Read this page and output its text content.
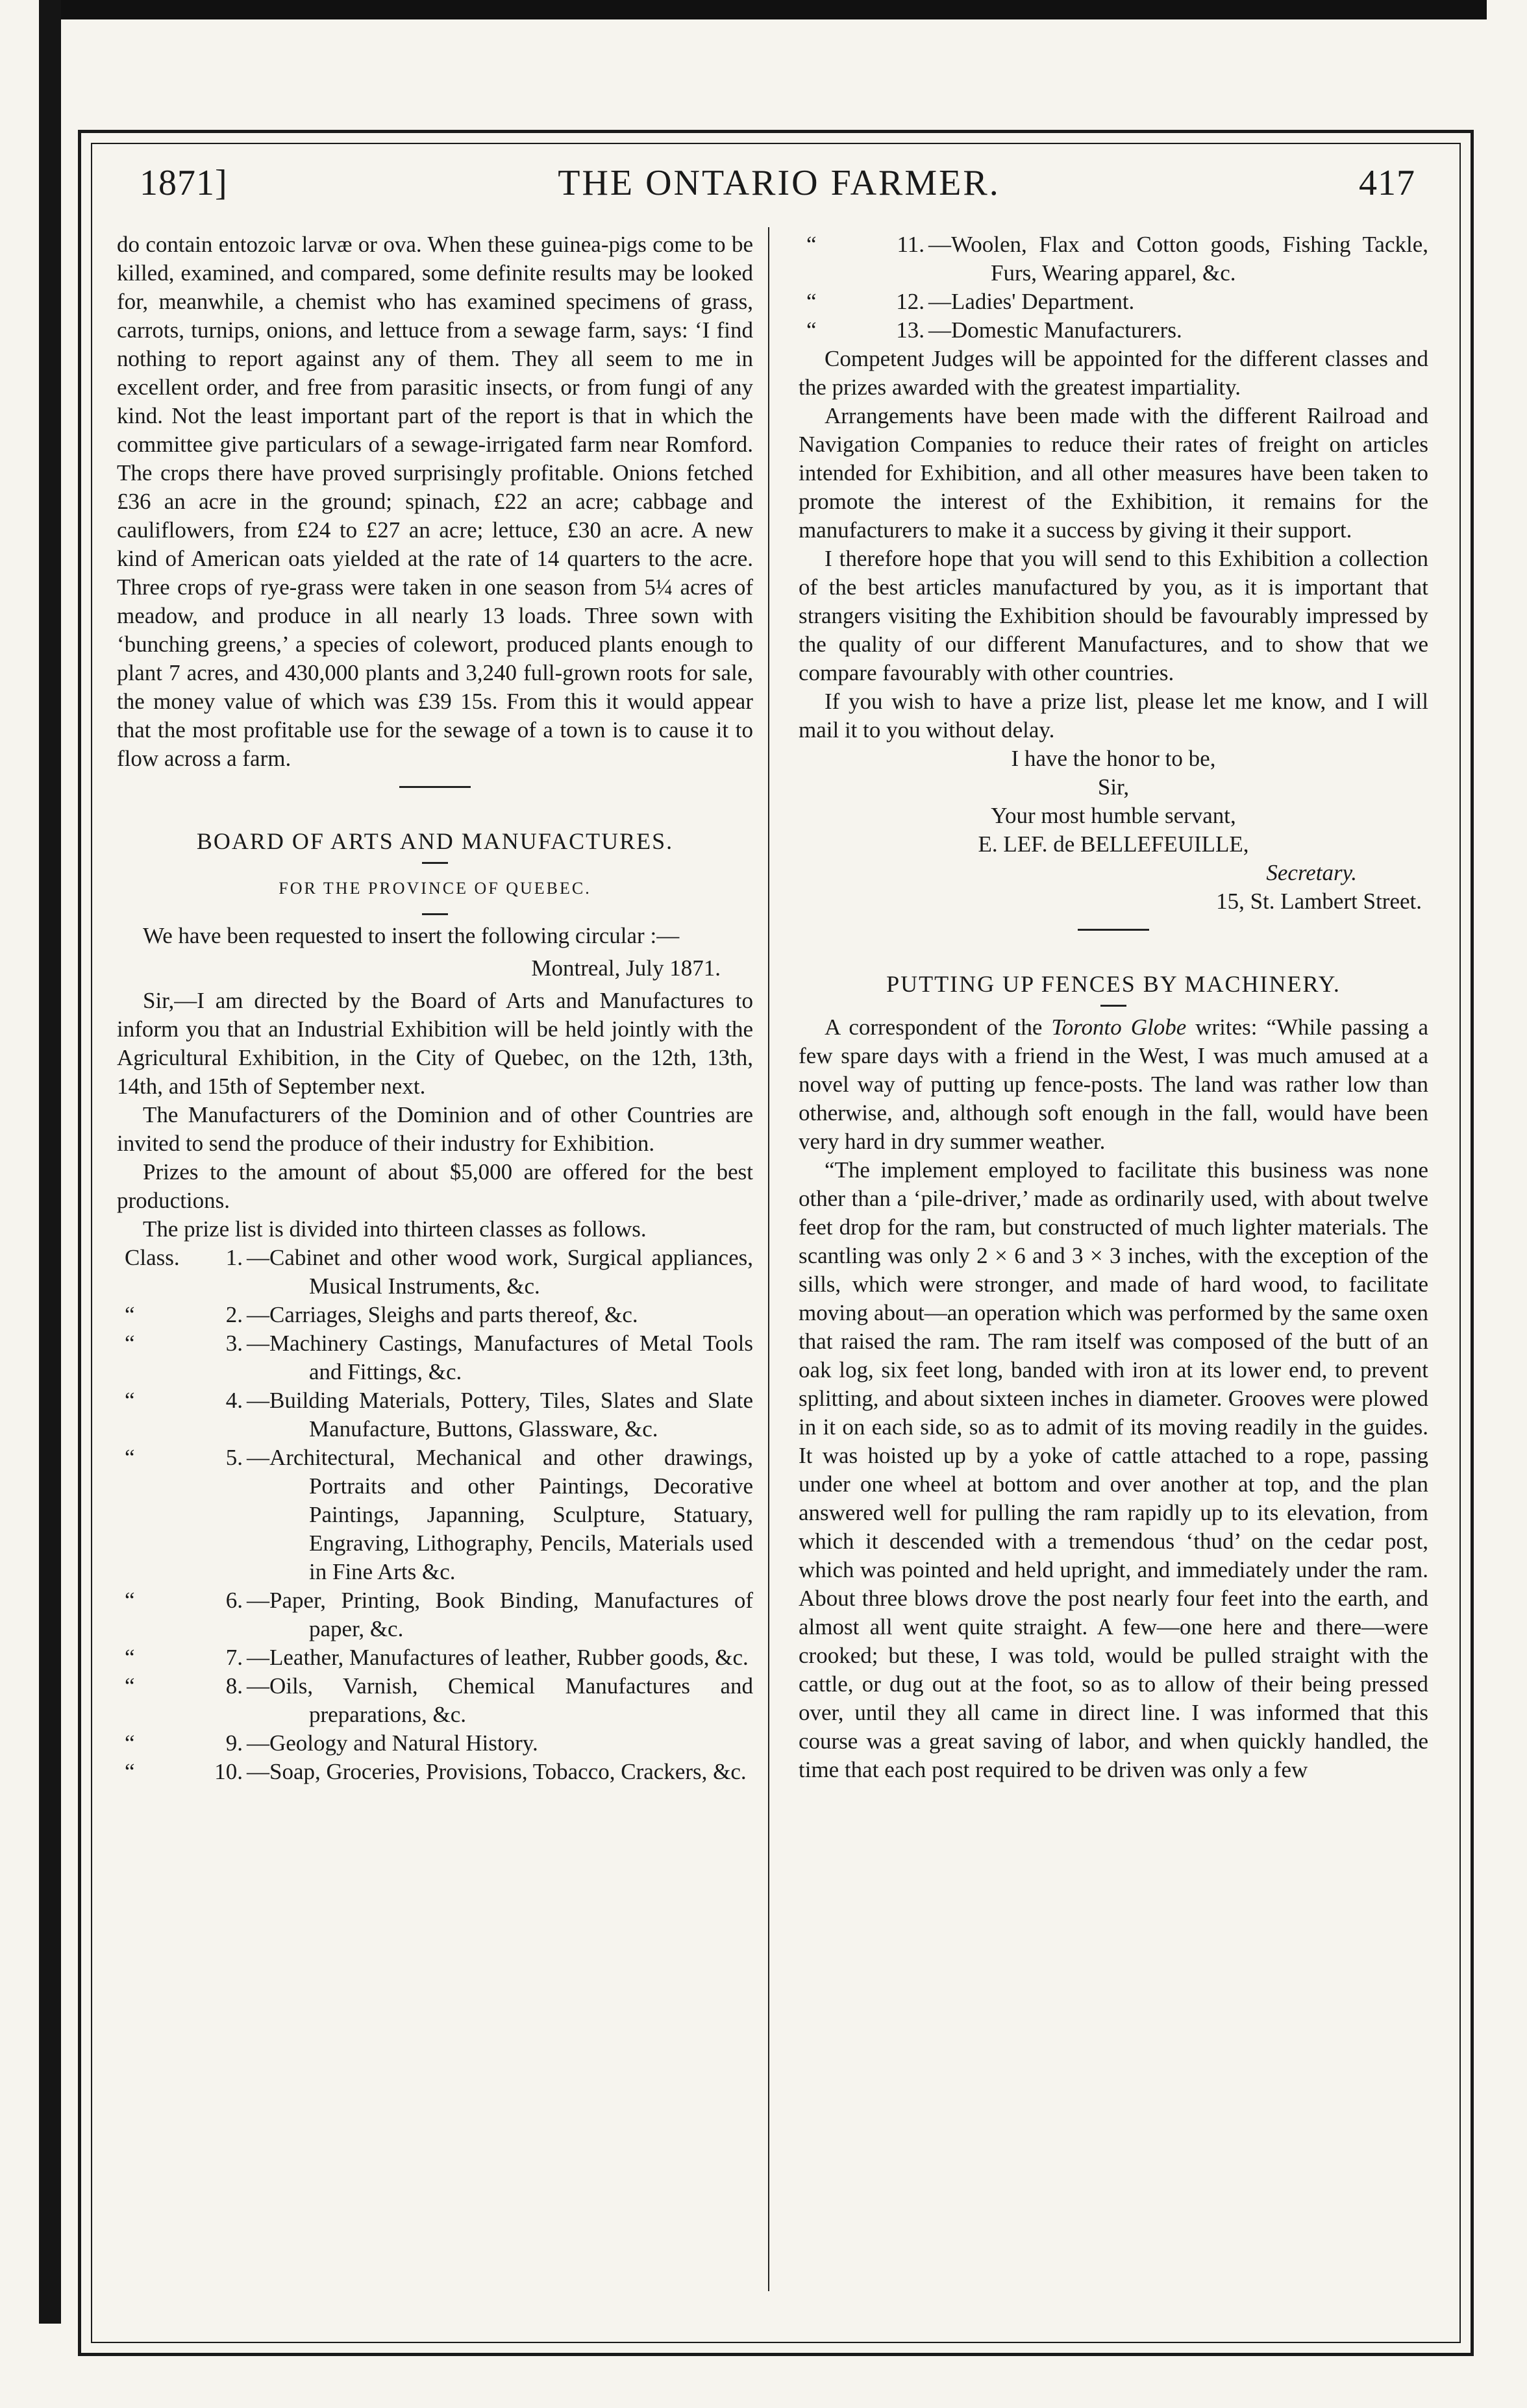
1871]	THE ONTARIO FARMER.	417

do contain entozoic larvæ or ova. When these guinea-pigs come to be killed, examined, and compared, some definite results may be looked for, meanwhile, a chemist who has examined specimens of grass, carrots, turnips, onions, and lettuce from a sewage farm, says: ‘I find nothing to report against any of them. They all seem to me in excellent order, and free from parasitic insects, or from fungi of any kind. Not the least important part of the report is that in which the committee give particulars of a sewage-irrigated farm near Romford. The crops there have proved surprisingly profitable. Onions fetched £36 an acre in the ground; spinach, £22 an acre; cabbage and cauliflowers, from £24 to £27 an acre; lettuce, £30 an acre. A new kind of American oats yielded at the rate of 14 quarters to the acre. Three crops of rye-grass were taken in one season from 5¼ acres of meadow, and produce in all nearly 13 loads. Three sown with ‘bunching greens,’ a species of colewort, produced plants enough to plant 7 acres, and 430,000 plants and 3,240 full-grown roots for sale, the money value of which was £39 15s. From this it would appear that the most profitable use for the sewage of a town is to cause it to flow across a farm.

BOARD OF ARTS AND MANUFACTURES.

FOR THE PROVINCE OF QUEBEC.

We have been requested to insert the following circular :—

Montreal, July 1871.

Sir,—I am directed by the Board of Arts and Manufactures to inform you that an Industrial Exhibition will be held jointly with the Agricultural Exhibition, in the City of Quebec, on the 12th, 13th, 14th, and 15th of September next.

The Manufacturers of the Dominion and of other Countries are invited to send the produce of their industry for Exhibition.

Prizes to the amount of about $5,000 are offered for the best productions.

The prize list is divided into thirteen classes as follows.

Class.	1. —Cabinet and other wood work, Surgical appliances, Musical Instruments, &c.
“	2. —Carriages, Sleighs and parts thereof, &c.
“	3. —Machinery Castings, Manufactures of Metal Tools and Fittings, &c.
“	4. —Building Materials, Pottery, Tiles, Slates and Slate Manufacture, Buttons, Glassware, &c.
“	5. —Architectural, Mechanical and other drawings, Portraits and other Paintings, Decorative Paintings, Japanning, Sculpture, Statuary, Engraving, Lithography, Pencils, Materials used in Fine Arts &c.
“	6. —Paper, Printing, Book Binding, Manufactures of paper, &c.
“	7. —Leather, Manufactures of leather, Rubber goods, &c.
“	8. —Oils, Varnish, Chemical Manufactures and preparations, &c.
“	9. —Geology and Natural History.
“	10. —Soap, Groceries, Provisions, Tobacco, Crackers, &c.
“	11. —Woolen, Flax and Cotton goods, Fishing Tackle, Furs, Wearing apparel, &c.
“	12. —Ladies' Department.
“	13. —Domestic Manufacturers.

Competent Judges will be appointed for the different classes and the prizes awarded with the greatest impartiality.

Arrangements have been made with the different Railroad and Navigation Companies to reduce their rates of freight on articles intended for Exhibition, and all other measures have been taken to promote the interest of the Exhibition, it remains for the manufacturers to make it a success by giving it their support.

I therefore hope that you will send to this Exhibition a collection of the best articles manufactured by you, as it is important that strangers visiting the Exhibition should be favourably impressed by the quality of our different Manufactures, and to show that we compare favourably with other countries.

If you wish to have a prize list, please let me know, and I will mail it to you without delay.

I have the honor to be,

Sir,

Your most humble servant,

E. LEF. de BELLEFEUILLE,

Secretary.

15, St. Lambert Street.

PUTTING UP FENCES BY MACHINERY.

A correspondent of the Toronto Globe writes: “While passing a few spare days with a friend in the West, I was much amused at a novel way of putting up fence-posts. The land was rather low than otherwise, and, although soft enough in the fall, would have been very hard in dry summer weather.

“The implement employed to facilitate this business was none other than a ‘pile-driver,’ made as ordinarily used, with about twelve feet drop for the ram, but constructed of much lighter materials. The scantling was only 2 × 6 and 3 × 3 inches, with the exception of the sills, which were stronger, and made of hard wood, to facilitate moving about—an operation which was performed by the same oxen that raised the ram. The ram itself was composed of the butt of an oak log, six feet long, banded with iron at its lower end, to prevent splitting, and about sixteen inches in diameter. Grooves were plowed in it on each side, so as to admit of its moving readily in the guides. It was hoisted up by a yoke of cattle attached to a rope, passing under one wheel at bottom and over another at top, and the plan answered well for pulling the ram rapidly up to its elevation, from which it descended with a tremendous ‘thud’ on the cedar post, which was pointed and held upright, and immediately under the ram. About three blows drove the post nearly four feet into the earth, and almost all went quite straight. A few—one here and there—were crooked; but these, I was told, would be pulled straight with the cattle, or dug out at the foot, so as to allow of their being pressed over, until they all came in direct line. I was informed that this course was a great saving of labor, and when quickly handled, the time that each post required to be driven was only a few
